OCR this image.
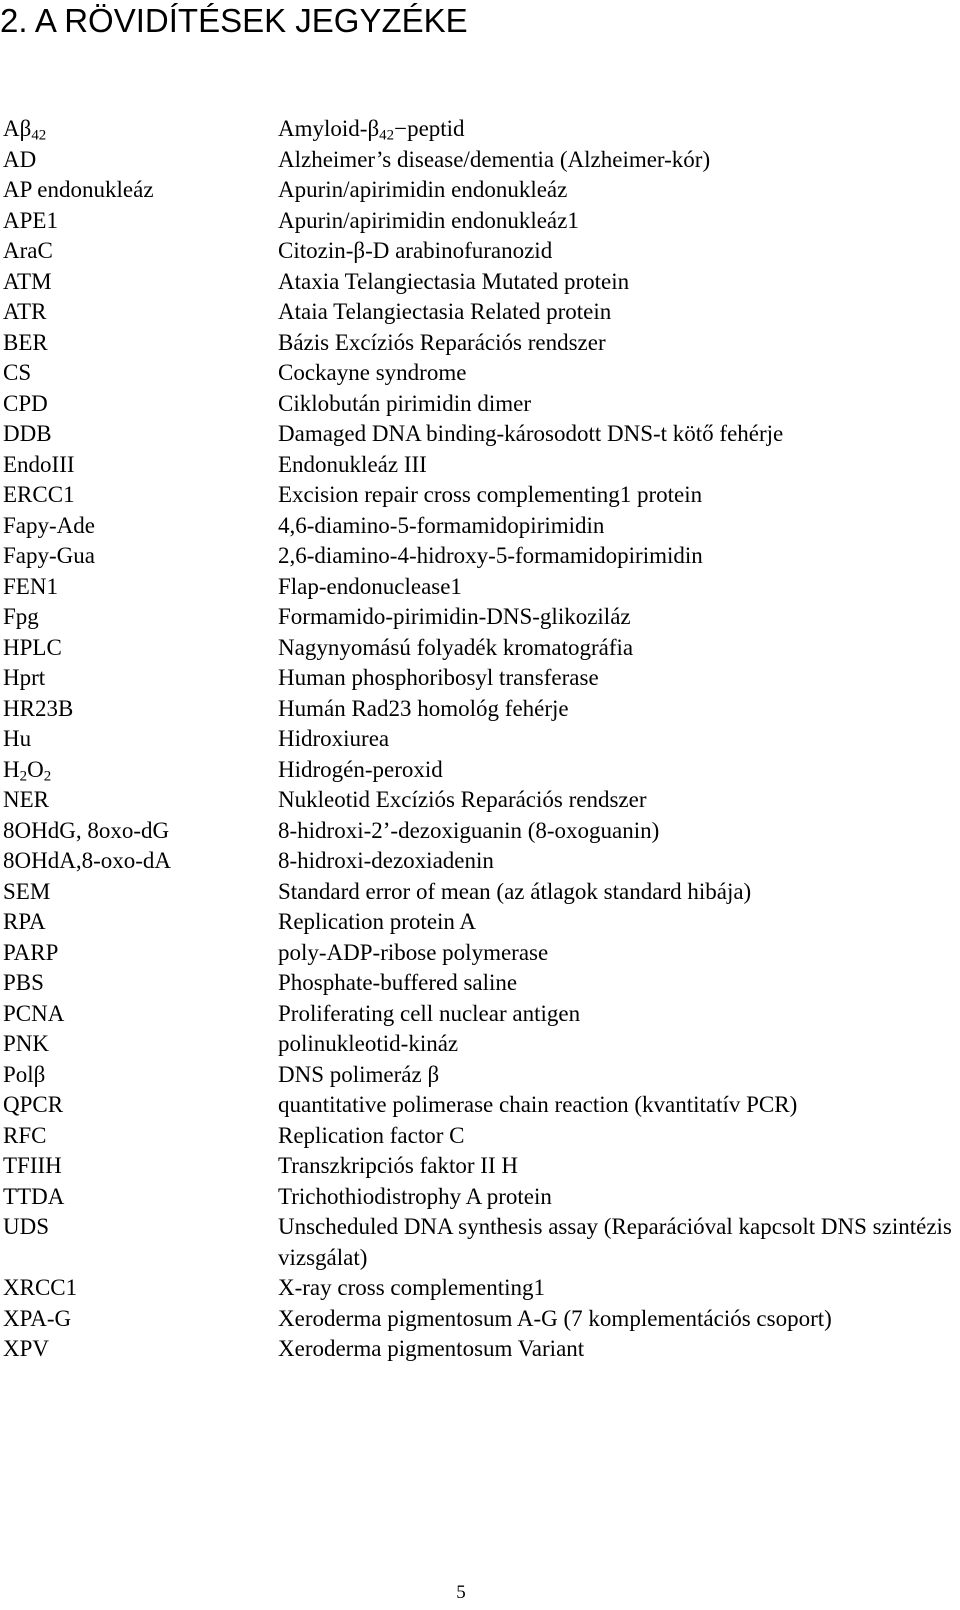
2. A RÖVIDÍTÉSEK JEGYZÉKE
$A\beta_{42}$	Amyloid-$\beta_{42}-peptid$
AD	Alzheimer’s disease/dementia (Alzheimer-kór)
AP endonukleáz	Apurin/apirimidin endonukleáz
APE1	Apurin/apirimidin endonukleáz1
AraC	Citozin-β-D arabinofuranozid
ATM	Ataxia Telangiectasia Mutated protein
ATR	Ataia Telangiectasia Related protein
BER	Bázis Excíziós Reparációs rendszer
CS	Cockayne syndrome
CPD	Ciklobután pirimidin dimer
DDB	Damaged DNA binding-károsodott DNS-t kötő fehérje
EndoIII	Endonukleáz III
ERCC1	Excision repair cross complementing1 protein
Fapy-Ade	4,6-diamino-5-formamidopirimidin
Fapy-Gua	2,6-diamino-4-hidroxy-5-formamidopirimidin
FEN1	Flap-endonuclease1
Fpg	Formamido-pirimidin-DNS-glikoziláz
HPLC	Nagynyomású folyadék kromatográfia
Hprt	Human phosphoribosyl transferase
HR23B	Humán Rad23 homológ fehérje
Hu	Hidroxiurea
$H_2O_2$	Hidrogén-peroxid
NER	Nukleotid Excíziós Reparációs rendszer
8OHdG, 8oxo-dG	8-hidroxi-2’-dezoxiguanin (8-oxoguanin)
8OHdA,8-oxo-dA	8-hidroxi-dezoxiadenin
SEM	Standard error of mean (az átlagok standard hibája)
RPA	Replication protein A
PARP	poly-ADP-ribose polymerase
PBS	Phosphate-buffered saline
PCNA	Proliferating cell nuclear antigen
PNK	polinukleotid-kináz
Polβ	DNS polimeráz β
QPCR	quantitative polimerase chain reaction (kvantitatív PCR)
RFC	Replication factor C
TFIIH	Transzkripciós faktor II H
TTDA	Trichothiodistrophy A protein
UDS	Unscheduled DNA synthesis assay (Reparációval kapcsolt DNS szintézis vizsgálat)
XRCC1	X-ray cross complementing1
XPA-G	Xeroderma pigmentosum A-G (7 komplementációs csoport)
XPV	Xeroderma pigmentosum Variant
5
